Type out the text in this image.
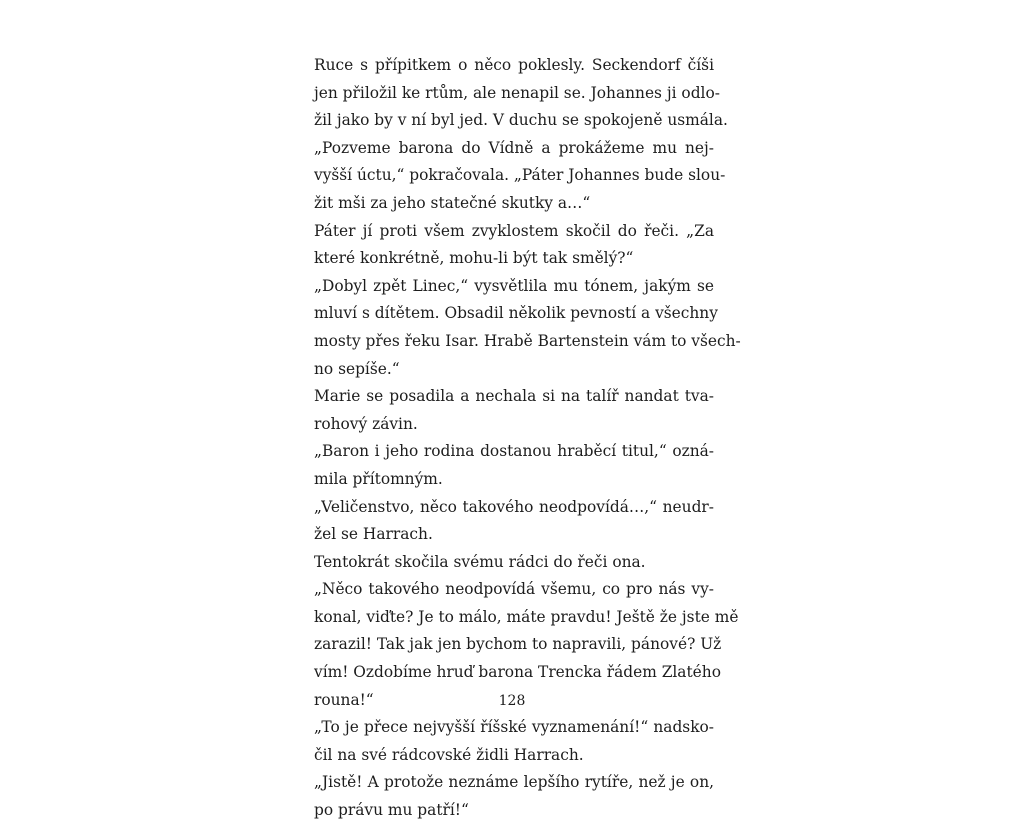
Ruce s přípitkem o něco poklesly. Seckendorf číši
jen přiložil ke rtům, ale nenapil se. Johannes ji odlo-
žil jako by v ní byl jed. V duchu se spokojeně usmála.

„Pozveme barona do Vídně a prokážeme mu nej-
vyšší úctu,“ pokračovala. „Páter Johannes bude slou-
žit mši za jeho statečné skutky a…“

Páter jí proti všem zvyklostem skočil do řeči. „Za
které konkrétně, mohu-li být tak smělý?“

„Dobyl zpět Linec,“ vysvětlila mu tónem, jakým se
mluví s dítětem. Obsadil několik pevností a všechny
mosty přes řeku Isar. Hrabě Bartenstein vám to všech-
no sepíše.“

Marie se posadila a nechala si na talíř nandat tva-
rohový závin.

„Baron i jeho rodina dostanou hraběcí titul,“ ozná-
mila přítomným.

„Veličenstvo, něco takového neodpovídá…,“ neudr-
žel se Harrach.

Tentokrát skočila svému rádci do řeči ona.

„Něco takového neodpovídá všemu, co pro nás vy-
konal, viďte? Je to málo, máte pravdu! Ještě že jste mě
zarazil! Tak jak jen bychom to napravili, pánové? Už
vím! Ozdobíme hruď barona Trencka řádem Zlatého
rouna!“

„To je přece nejvyšší říšské vyznamenání!“ nadsko-
čil na své rádcovské židli Harrach.

„Jistě! A protože neznáme lepšího rytíře, než je on,
po právu mu patří!“

128
